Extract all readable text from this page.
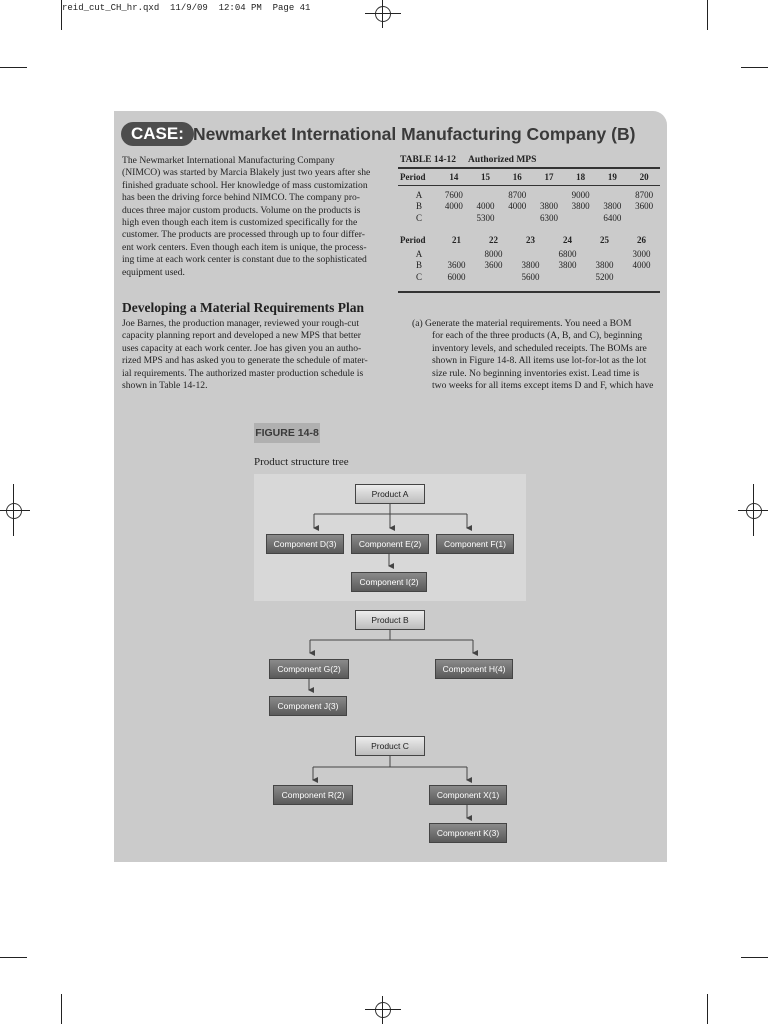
reid_cut_CH_hr.qxd  11/9/09  12:04 PM  Page 41
CASE: Newmarket International Manufacturing Company (B)
The Newmarket International Manufacturing Company
(NIMCO) was started by Marcia Blakely just two years after she
finished graduate school. Her knowledge of mass customization
has been the driving force behind NIMCO. The company pro-
duces three major custom products. Volume on the products is
high even though each item is customized specifically for the
customer. The products are processed through up to four differ-
ent work centers. Even though each item is unique, the process-
ing time at each work center is constant due to the sophisticated
equipment used.
Developing a Material Requirements Plan
Joe Barnes, the production manager, reviewed your rough-cut
capacity planning report and developed a new MPS that better
uses capacity at each work center. Joe has given you an autho-
rized MPS and has asked you to generate the schedule of mater-
ial requirements. The authorized master production schedule is
shown in Table 14-12.
(a) Generate the material requirements. You need a BOM
for each of the three products (A, B, and C), beginning
inventory levels, and scheduled receipts. The BOMs are
shown in Figure 14-8. All items use lot-for-lot as the lot
size rule. No beginning inventories exist. Lead time is
two weeks for all items except items D and F, which have
TABLE 14-12 Authorized MPS
Period	14	15	16	17	18	19	20

A	7600		8700		9000		8700
B	4000	4000	4000	3800	3800	3800	3600
C		5300		6300		6400	
Period	21	22	23	24	25	26	
A		8000		6800		3000	
B	3600	3600	3800	3800	3800	4000	
C	6000		5600		5200		
FIGURE 14-8
Product structure tree
Product A
Component D(3)	Component E(2)	Component F(1)
Component I(2)
Product B
Component G(2)	Component H(4)
Component J(3)
Product C
Component R(2)	Component X(1)
Component K(3)
